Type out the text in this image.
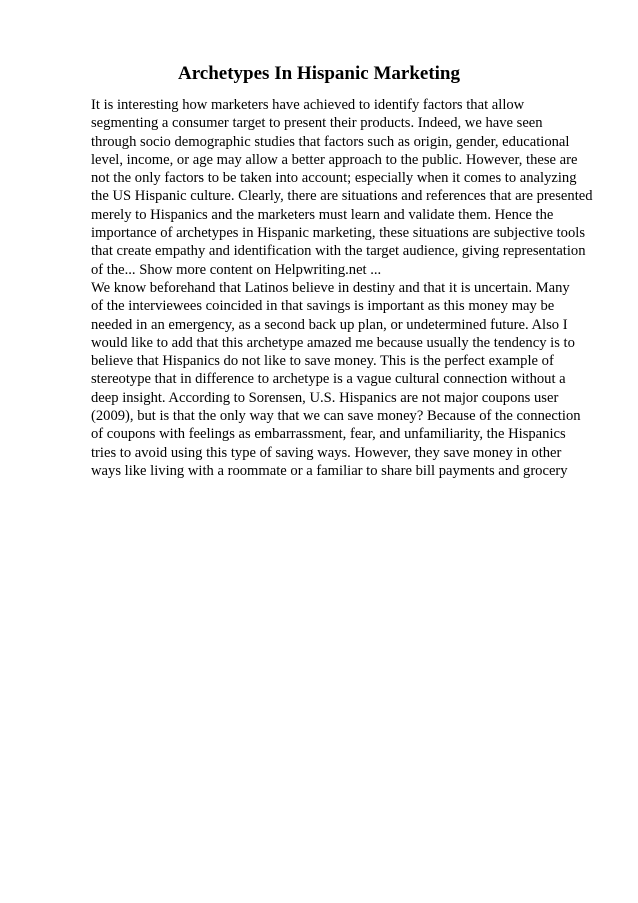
Archetypes In Hispanic Marketing
It is interesting how marketers have achieved to identify factors that allow
segmenting a consumer target to present their products. Indeed, we have seen
through socio demographic studies that factors such as origin, gender, educational
level, income, or age may allow a better approach to the public. However, these are
not the only factors to be taken into account; especially when it comes to analyzing
the US Hispanic culture. Clearly, there are situations and references that are presented
merely to Hispanics and the marketers must learn and validate them. Hence the
importance of archetypes in Hispanic marketing, these situations are subjective tools
that create empathy and identification with the target audience, giving representation
of the... Show more content on Helpwriting.net ...
We know beforehand that Latinos believe in destiny and that it is uncertain. Many
of the interviewees coincided in that savings is important as this money may be
needed in an emergency, as a second back up plan, or undetermined future. Also I
would like to add that this archetype amazed me because usually the tendency is to
believe that Hispanics do not like to save money. This is the perfect example of
stereotype that in difference to archetype is a vague cultural connection without a
deep insight. According to Sorensen, U.S. Hispanics are not major coupons user
(2009), but is that the only way that we can save money? Because of the connection
of coupons with feelings as embarrassment, fear, and unfamiliarity, the Hispanics
tries to avoid using this type of saving ways. However, they save money in other
ways like living with a roommate or a familiar to share bill payments and grocery
